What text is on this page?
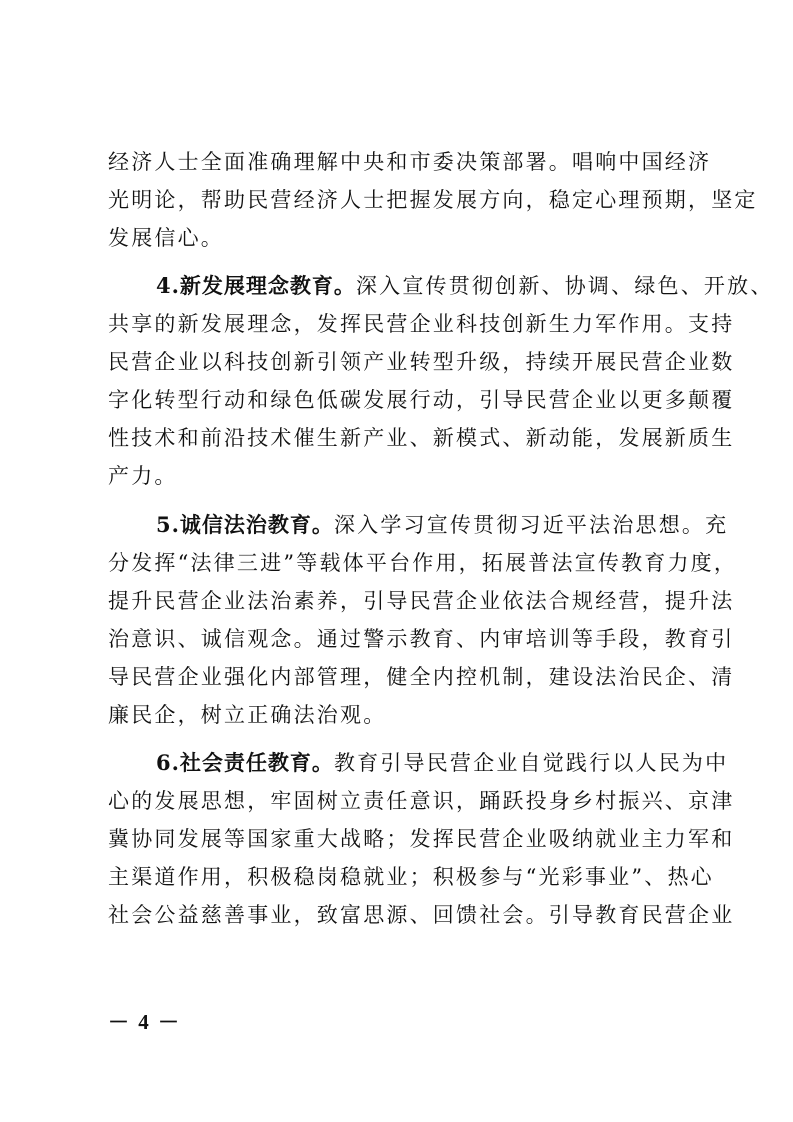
经济人士全面准确理解中央和市委决策部署。唱响中国经济
光明论，帮助民营经济人士把握发展方向，稳定心理预期，坚定
发展信心。
4.新发展理念教育。深入宣传贯彻创新、协调、绿色、开放、
共享的新发展理念，发挥民营企业科技创新生力军作用。支持
民营企业以科技创新引领产业转型升级，持续开展民营企业数
字化转型行动和绿色低碳发展行动，引导民营企业以更多颠覆
性技术和前沿技术催生新产业、新模式、新动能，发展新质生
产力。
5.诚信法治教育。深入学习宣传贯彻习近平法治思想。充
分发挥“法律三进”等载体平台作用，拓展普法宣传教育力度，
提升民营企业法治素养，引导民营企业依法合规经营，提升法
治意识、诚信观念。通过警示教育、内审培训等手段，教育引
导民营企业强化内部管理，健全内控机制，建设法治民企、清
廉民企，树立正确法治观。
6.社会责任教育。教育引导民营企业自觉践行以人民为中
心的发展思想，牢固树立责任意识，踊跃投身乡村振兴、京津
冀协同发展等国家重大战略；发挥民营企业吸纳就业主力军和
主渠道作用，积极稳岗稳就业；积极参与“光彩事业”、热心
社会公益慈善事业，致富思源、回馈社会。引导教育民营企业
－ 4 －
